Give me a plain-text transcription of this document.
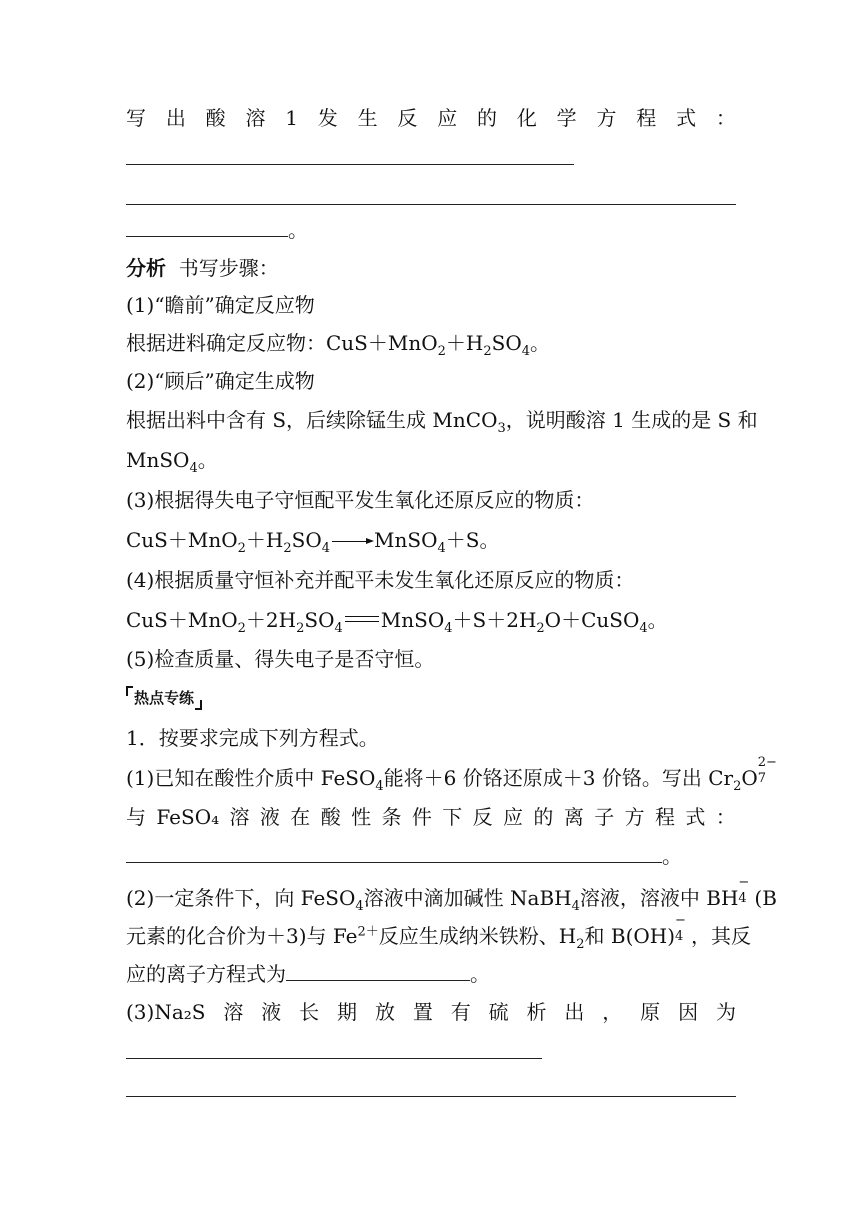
写 出 酸 溶 1 发 生 反 应 的 化 学 方 程 式 ：
。
分析 书写步骤：
(1)“瞻前”确定反应物
根据进料确定反应物：$CuS+MnO_2+H_2SO_4$。
(2)“顾后”确定生成物
根据出料中含有 S，后续除锰生成 MnCO$_3$，说明酸溶 1 生成的是 S 和
MnSO$_4$。
(3)根据得失电子守恒配平发生氧化还原反应的物质：
$CuS+MnO_2+H_2SO_4$ → MnSO$_4$＋S。
(4)根据质量守恒补充并配平未发生氧化还原反应的物质：
$CuS+MnO_2+2H_2SO_4$ $MnSO_4+S+2H_2O+CuSO_4$。
(5)检查质量、得失电子是否守恒。
热点专练
1．按要求完成下列方程式。
(1)已知在酸性介质中 FeSO$_4$能将＋6 价铬还原成＋3 价铬。写出 $Cr_2O$
2−
7
与 FeSO₄ 溶 液 在 酸 性 条 件 下 反 应 的 离 子 方 程 式 ：
。
(2)一定条件下，向 FeSO$_4$溶液中滴加碱性 NaBH$_4$溶液，溶液中 BH
−
4 (B
元素的化合价为＋3)与 $Fe^{2+}$反应生成纳米铁粉、$H_2$和 B(OH)
−
4 ，其反
应的离子方程式为	。
(3)Na₂S 溶 液 长 期 放 置 有 硫 析 出 ， 原 因 为
